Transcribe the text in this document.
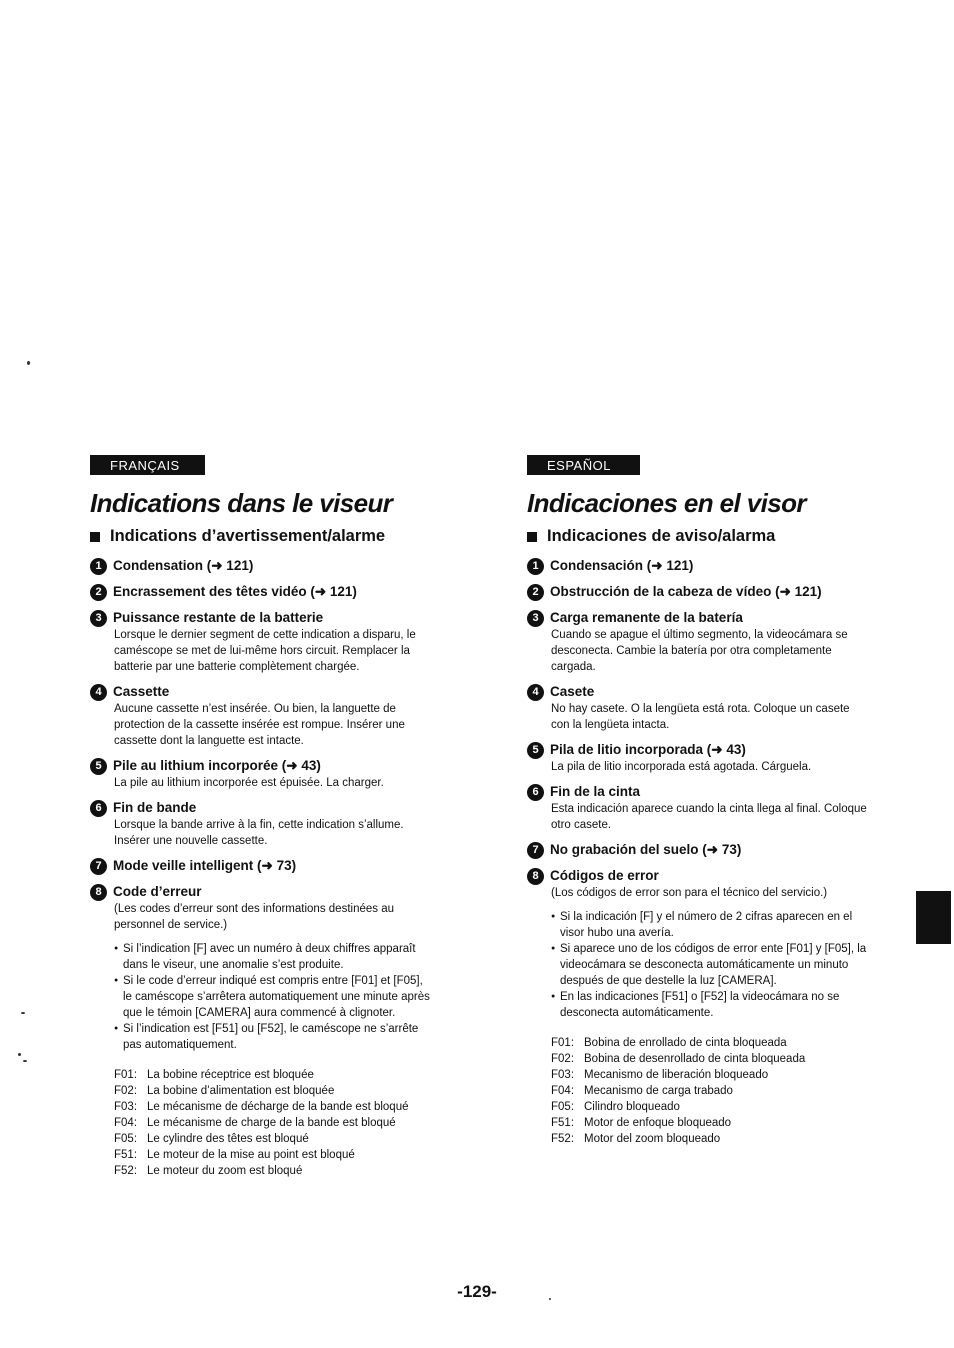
FRANÇAIS
Indications dans le viseur
Indications d’avertissement/alarme
1 Condensation (➜ 121)
2 Encrassement des têtes vidéo (➜ 121)
3 Puissance restante de la batterie
Lorsque le dernier segment de cette indication a disparu, le
caméscope se met de lui-même hors circuit. Remplacer la
batterie par une batterie complètement chargée.
4 Cassette
Aucune cassette n’est insérée. Ou bien, la languette de
protection de la cassette insérée est rompue. Insérer une
cassette dont la languette est intacte.
5 Pile au lithium incorporée (➜ 43)
La pile au lithium incorporée est épuisée. La charger.
6 Fin de bande
Lorsque la bande arrive à la fin, cette indication s’allume.
Insérer une nouvelle cassette.
7 Mode veille intelligent (➜ 73)
8 Code d’erreur
(Les codes d’erreur sont des informations destinées au
personnel de service.)
● Si l’indication [F] avec un numéro à deux chiffres apparaît
dans le viseur, une anomalie s’est produite.
● Si le code d’erreur indiqué est compris entre [F01] et [F05],
le caméscope s’arrêtera automatiquement une minute après
que le témoin [CAMERA] aura commencé à clignoter.
● Si l’indication est [F51] ou [F52], le caméscope ne s’arrête
pas automatiquement.
F01: La bobine réceptrice est bloquée
F02: La bobine d’alimentation est bloquée
F03: Le mécanisme de décharge de la bande est bloqué
F04: Le mécanisme de charge de la bande est bloqué
F05: Le cylindre des têtes est bloqué
F51: Le moteur de la mise au point est bloqué
F52: Le moteur du zoom est bloqué
ESPAÑOL
Indicaciones en el visor
Indicaciones de aviso/alarma
1 Condensación (➜ 121)
2 Obstrucción de la cabeza de vídeo (➜ 121)
3 Carga remanente de la batería
Cuando se apague el último segmento, la videocámara se
desconecta. Cambie la batería por otra completamente
cargada.
4 Casete
No hay casete. O la lengüeta está rota. Coloque un casete
con la lengüeta intacta.
5 Pila de litio incorporada (➜ 43)
La pila de litio incorporada está agotada. Cárguela.
6 Fin de la cinta
Esta indicación aparece cuando la cinta llega al final. Coloque
otro casete.
7 No grabación del suelo (➜ 73)
8 Códigos de error
(Los códigos de error son para el técnico del servicio.)
● Si la indicación [F] y el número de 2 cifras aparecen en el
visor hubo una avería.
● Si aparece uno de los códigos de error ente [F01] y [F05], la
videocámara se desconecta automáticamente un minuto
después de que destelle la luz [CAMERA].
● En las indicaciones [F51] o [F52] la videocámara no se
desconecta automáticamente.
F01: Bobina de enrollado de cinta bloqueada
F02: Bobina de desenrollado de cinta bloqueada
F03: Mecanismo de liberación bloqueado
F04: Mecanismo de carga trabado
F05: Cilindro bloqueado
F51: Motor de enfoque bloqueado
F52: Motor del zoom bloqueado
-129-
